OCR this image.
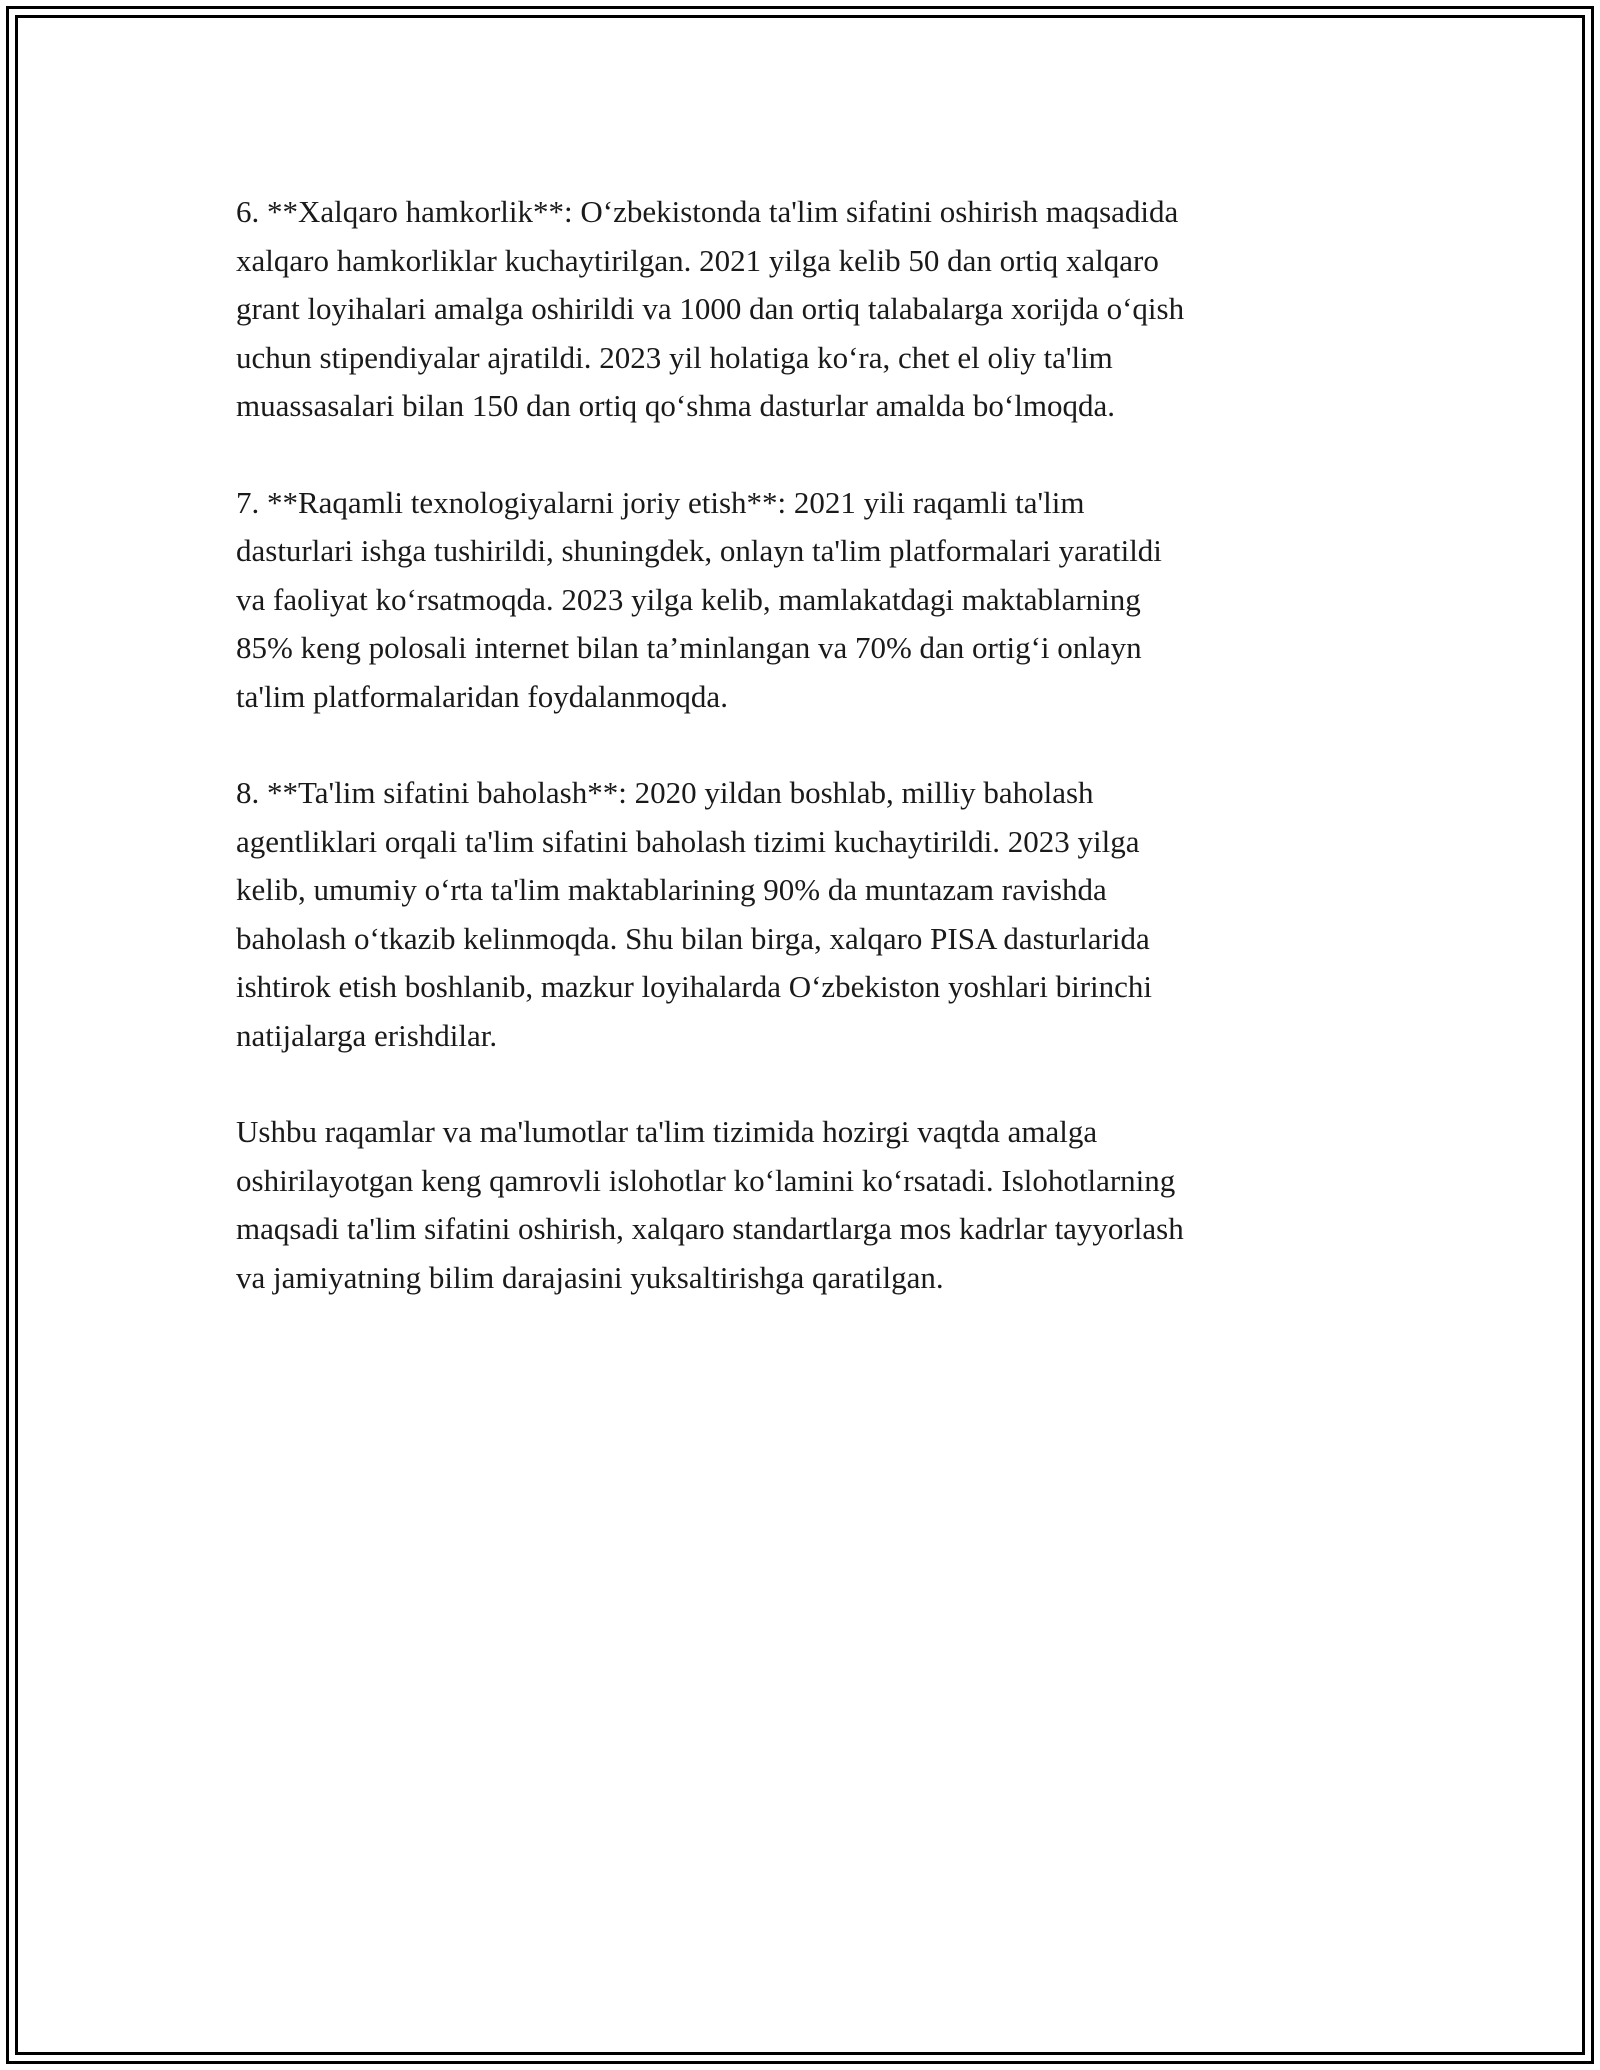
6. **Xalqaro hamkorlik**: O‘zbekistonda ta'lim sifatini oshirish maqsadida
xalqaro hamkorliklar kuchaytirilgan. 2021 yilga kelib 50 dan ortiq xalqaro
grant loyihalari amalga oshirildi va 1000 dan ortiq talabalarga xorijda o‘qish
uchun stipendiyalar ajratildi. 2023 yil holatiga ko‘ra, chet el oliy ta'lim
muassasalari bilan 150 dan ortiq qo‘shma dasturlar amalda bo‘lmoqda.

7. **Raqamli texnologiyalarni joriy etish**: 2021 yili raqamli ta'lim
dasturlari ishga tushirildi, shuningdek, onlayn ta'lim platformalari yaratildi
va faoliyat ko‘rsatmoqda. 2023 yilga kelib, mamlakatdagi maktablarning
85% keng polosali internet bilan ta’minlangan va 70% dan ortig‘i onlayn
ta'lim platformalaridan foydalanmoqda.

8. **Ta'lim sifatini baholash**: 2020 yildan boshlab, milliy baholash
agentliklari orqali ta'lim sifatini baholash tizimi kuchaytirildi. 2023 yilga
kelib, umumiy o‘rta ta'lim maktablarining 90% da muntazam ravishda
baholash o‘tkazib kelinmoqda. Shu bilan birga, xalqaro PISA dasturlarida
ishtirok etish boshlanib, mazkur loyihalarda O‘zbekiston yoshlari birinchi
natijalarga erishdilar.

Ushbu raqamlar va ma'lumotlar ta'lim tizimida hozirgi vaqtda amalga
oshirilayotgan keng qamrovli islohotlar ko‘lamini ko‘rsatadi. Islohotlarning
maqsadi ta'lim sifatini oshirish, xalqaro standartlarga mos kadrlar tayyorlash
va jamiyatning bilim darajasini yuksaltirishga qaratilgan.
